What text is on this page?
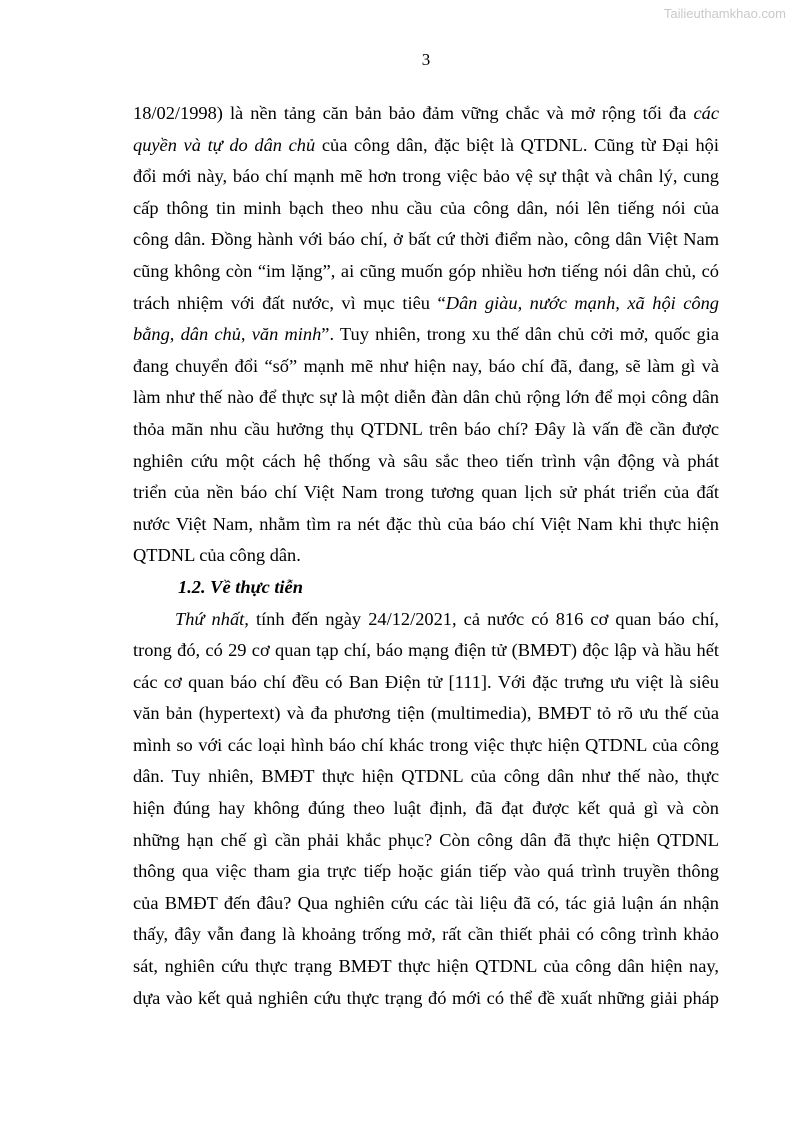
Tailieuthamkhao.com
3
18/02/1998) là nền tảng căn bản bảo đảm vững chắc và mở rộng tối đa các
quyền và tự do dân chủ của công dân, đặc biệt là QTDNL. Cũng từ Đại hội
đổi mới này, báo chí mạnh mẽ hơn trong việc bảo vệ sự thật và chân lý, cung
cấp thông tin minh bạch theo nhu cầu của công dân, nói lên tiếng nói của
công dân. Đồng hành với báo chí, ở bất cứ thời điểm nào, công dân Việt Nam
cũng không còn “im lặng”, ai cũng muốn góp nhiều hơn tiếng nói dân chủ, có
trách nhiệm với đất nước, vì mục tiêu “Dân giàu, nước mạnh, xã hội công
bằng, dân chủ, văn minh”. Tuy nhiên, trong xu thế dân chủ cởi mở, quốc gia
đang chuyển đổi “số” mạnh mẽ như hiện nay, báo chí đã, đang, sẽ làm gì và
làm như thế nào để thực sự là một diễn đàn dân chủ rộng lớn để mọi công dân
thỏa mãn nhu cầu hưởng thụ QTDNL trên báo chí? Đây là vấn đề cần được
nghiên cứu một cách hệ thống và sâu sắc theo tiến trình vận động và phát
triển của nền báo chí Việt Nam trong tương quan lịch sử phát triển của đất
nước Việt Nam, nhằm tìm ra nét đặc thù của báo chí Việt Nam khi thực hiện
QTDNL của công dân.
1.2. Về thực tiễn
Thứ nhất, tính đến ngày 24/12/2021, cả nước có 816 cơ quan báo chí,
trong đó, có 29 cơ quan tạp chí, báo mạng điện tử (BMĐT) độc lập và hầu hết
các cơ quan báo chí đều có Ban Điện tử [111]. Với đặc trưng ưu việt là siêu
văn bản (hypertext) và đa phương tiện (multimedia), BMĐT tỏ rõ ưu thế của
mình so với các loại hình báo chí khác trong việc thực hiện QTDNL của công
dân. Tuy nhiên, BMĐT thực hiện QTDNL của công dân như thế nào, thực
hiện đúng hay không đúng theo luật định, đã đạt được kết quả gì và còn
những hạn chế gì cần phải khắc phục? Còn công dân đã thực hiện QTDNL
thông qua việc tham gia trực tiếp hoặc gián tiếp vào quá trình truyền thông
của BMĐT đến đâu? Qua nghiên cứu các tài liệu đã có, tác giả luận án nhận
thấy, đây vẫn đang là khoảng trống mở, rất cần thiết phải có công trình khảo
sát, nghiên cứu thực trạng BMĐT thực hiện QTDNL của công dân hiện nay,
dựa vào kết quả nghiên cứu thực trạng đó mới có thể đề xuất những giải pháp
